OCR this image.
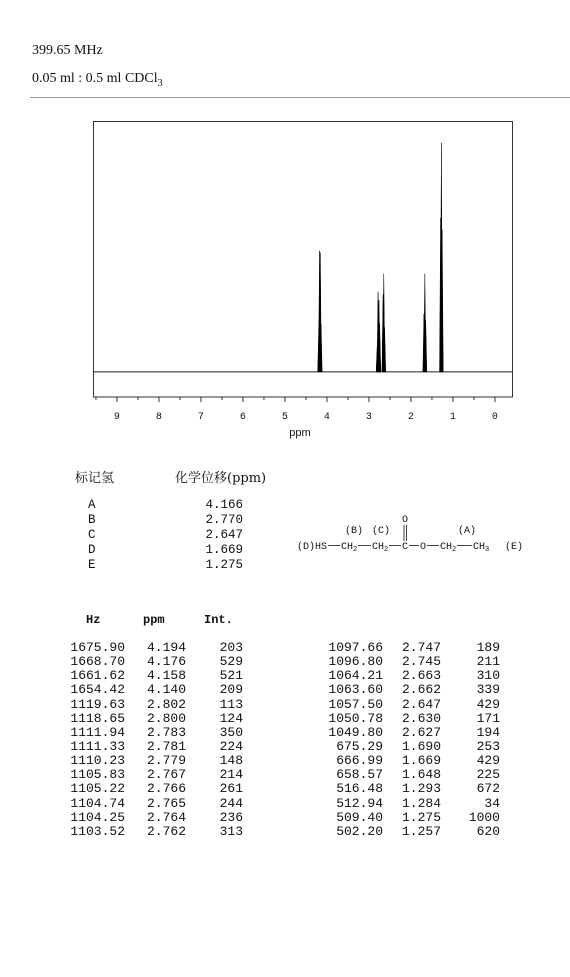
399.65 MHz
0.05 ml : 0.5 ml CDCl$_3$
9	8	7	6	5	4	3	2	1	0
ppm
标记氢	化学位移(ppm)
A	4.166
B	2.770
C	2.647
D	1.669
E	1.275
(B) (C)	(A)
O
(D)HS CH 2 CH 2 C O CH 2 CH 3 (E)
Hz	ppm	Int.
1675.90	4.194	203
1668.70	4.176	529
1661.62	4.158	521
1654.42	4.140	209
1119.63	2.802	113
1118.65	2.800	124
1111.94	2.783	350
1111.33	2.781	224
1110.23	2.779	148
1105.83	2.767	214
1105.22	2.766	261
1104.74	2.765	244
1104.25	2.764	236
1103.52	2.762	313
1097.66	2.747	189
1096.80	2.745	211
1064.21	2.663	310
1063.60	2.662	339
1057.50	2.647	429
1050.78	2.630	171
1049.80	2.627	194
675.29	1.690	253
666.99	1.669	429
658.57	1.648	225
516.48	1.293	672
512.94	1.284	34
509.40	1.275	1000
502.20	1.257	620
